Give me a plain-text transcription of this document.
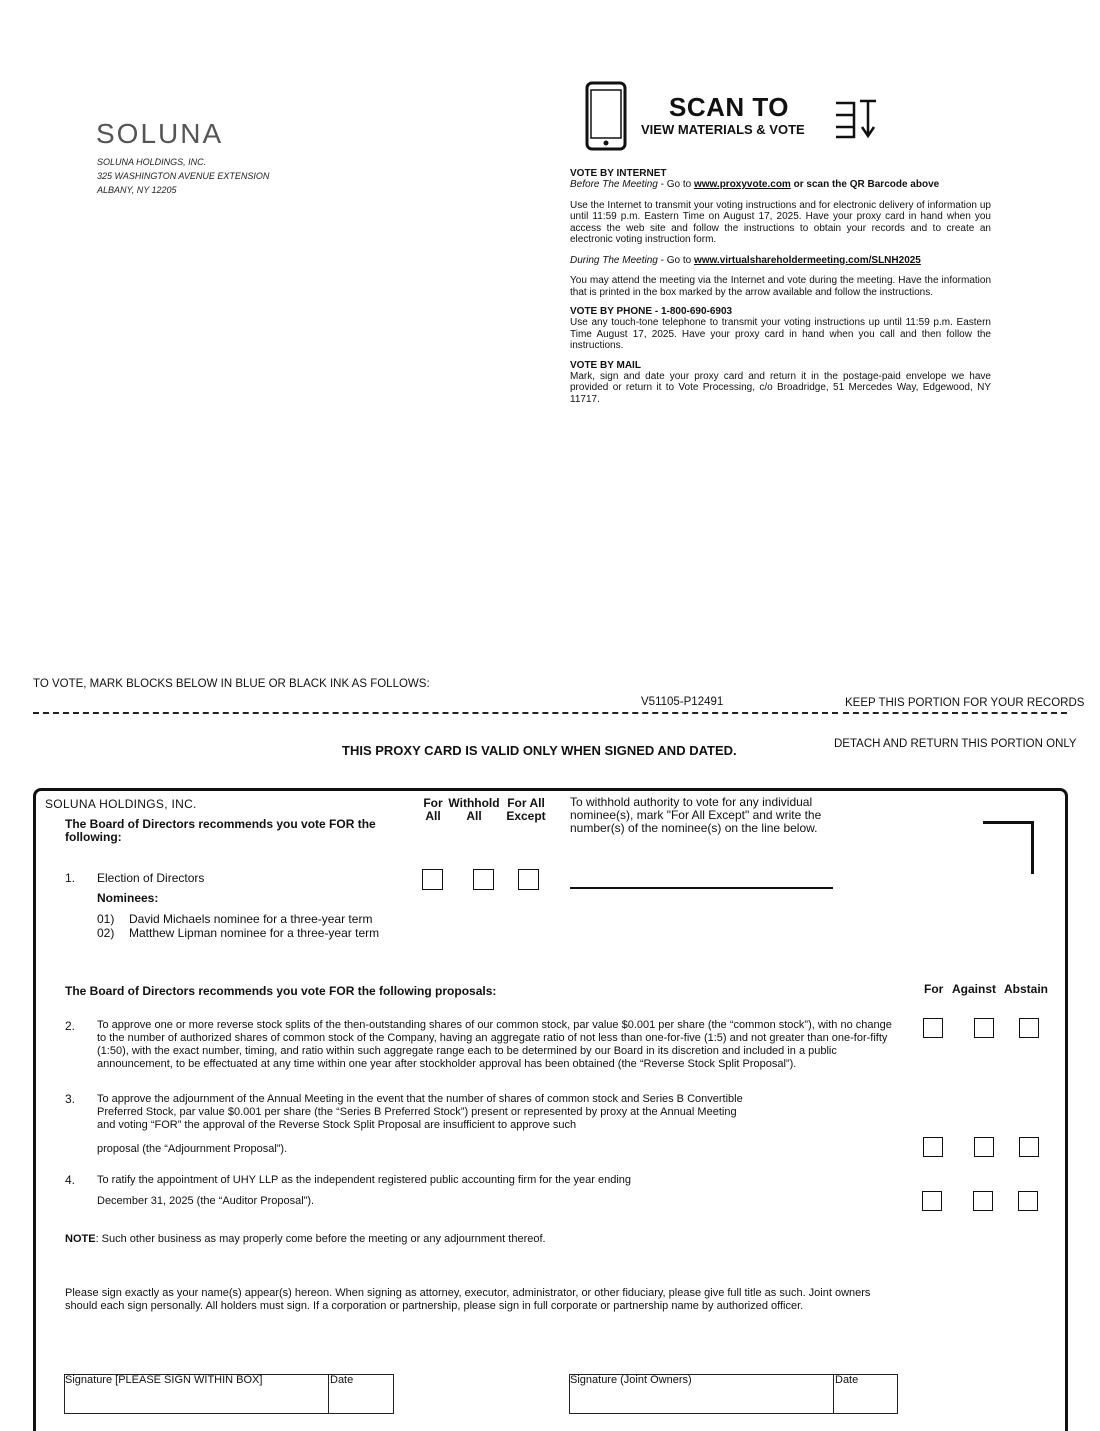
SOLUNA
SOLUNA HOLDINGS, INC.
325 WASHINGTON AVENUE EXTENSION
ALBANY, NY 12205
SCAN TO
VIEW MATERIALS & VOTE
VOTE BY INTERNET
Before The Meeting - Go to www.proxyvote.com or scan the QR Barcode above
Use the Internet to transmit your voting instructions and for electronic delivery of information up until 11:59 p.m. Eastern Time on August 17, 2025. Have your proxy card in hand when you access the web site and follow the instructions to obtain your records and to create an electronic voting instruction form.
During The Meeting - Go to www.virtualshareholdermeeting.com/SLNH2025
You may attend the meeting via the Internet and vote during the meeting. Have the information that is printed in the box marked by the arrow available and follow the instructions.
VOTE BY PHONE - 1-800-690-6903
Use any touch-tone telephone to transmit your voting instructions up until 11:59 p.m. Eastern Time August 17, 2025. Have your proxy card in hand when you call and then follow the instructions.
VOTE BY MAIL
Mark, sign and date your proxy card and return it in the postage-paid envelope we have provided or return it to Vote Processing, c/o Broadridge, 51 Mercedes Way, Edgewood, NY 11717.
TO VOTE, MARK BLOCKS BELOW IN BLUE OR BLACK INK AS FOLLOWS:
V51105-P12491	KEEP THIS PORTION FOR YOUR RECORDS
THIS PROXY CARD IS VALID ONLY WHEN SIGNED AND DATED.	DETACH AND RETURN THIS PORTION ONLY
SOLUNA HOLDINGS, INC.
The Board of Directors recommends you vote FOR the following:
For All
Withhold All
For All Except
To withhold authority to vote for any individual nominee(s), mark "For All Except" and write the number(s) of the nominee(s) on the line below.
1. Election of Directors
Nominees:
01) David Michaels nominee for a three-year term
02) Matthew Lipman nominee for a three-year term
The Board of Directors recommends you vote FOR the following proposals:	For Against Abstain
2. To approve one or more reverse stock splits of the then-outstanding shares of our common stock, par value $0.001 per share (the “common stock”), with no change to the number of authorized shares of common stock of the Company, having an aggregate ratio of not less than one-for-five (1:5) and not greater than one-for-fifty (1:50), with the exact number, timing, and ratio within such aggregate range each to be determined by our Board in its discretion and included in a public announcement, to be effectuated at any time within one year after stockholder approval has been obtained (the “Reverse Stock Split Proposal”).
3. To approve the adjournment of the Annual Meeting in the event that the number of shares of common stock and Series B Convertible Preferred Stock, par value $0.001 per share (the “Series B Preferred Stock”) present or represented by proxy at the Annual Meeting and voting “FOR” the approval of the Reverse Stock Split Proposal are insufficient to approve such
proposal (the “Adjournment Proposal”).
4. To ratify the appointment of UHY LLP as the independent registered public accounting firm for the year ending
December 31, 2025 (the “Auditor Proposal”).
NOTE: Such other business as may properly come before the meeting or any adjournment thereof.
Please sign exactly as your name(s) appear(s) hereon. When signing as attorney, executor, administrator, or other fiduciary, please give full title as such. Joint owners should each sign personally. All holders must sign. If a corporation or partnership, please sign in full corporate or partnership name by authorized officer.
Signature [PLEASE SIGN WITHIN BOX]	Date	Signature (Joint Owners)	Date
